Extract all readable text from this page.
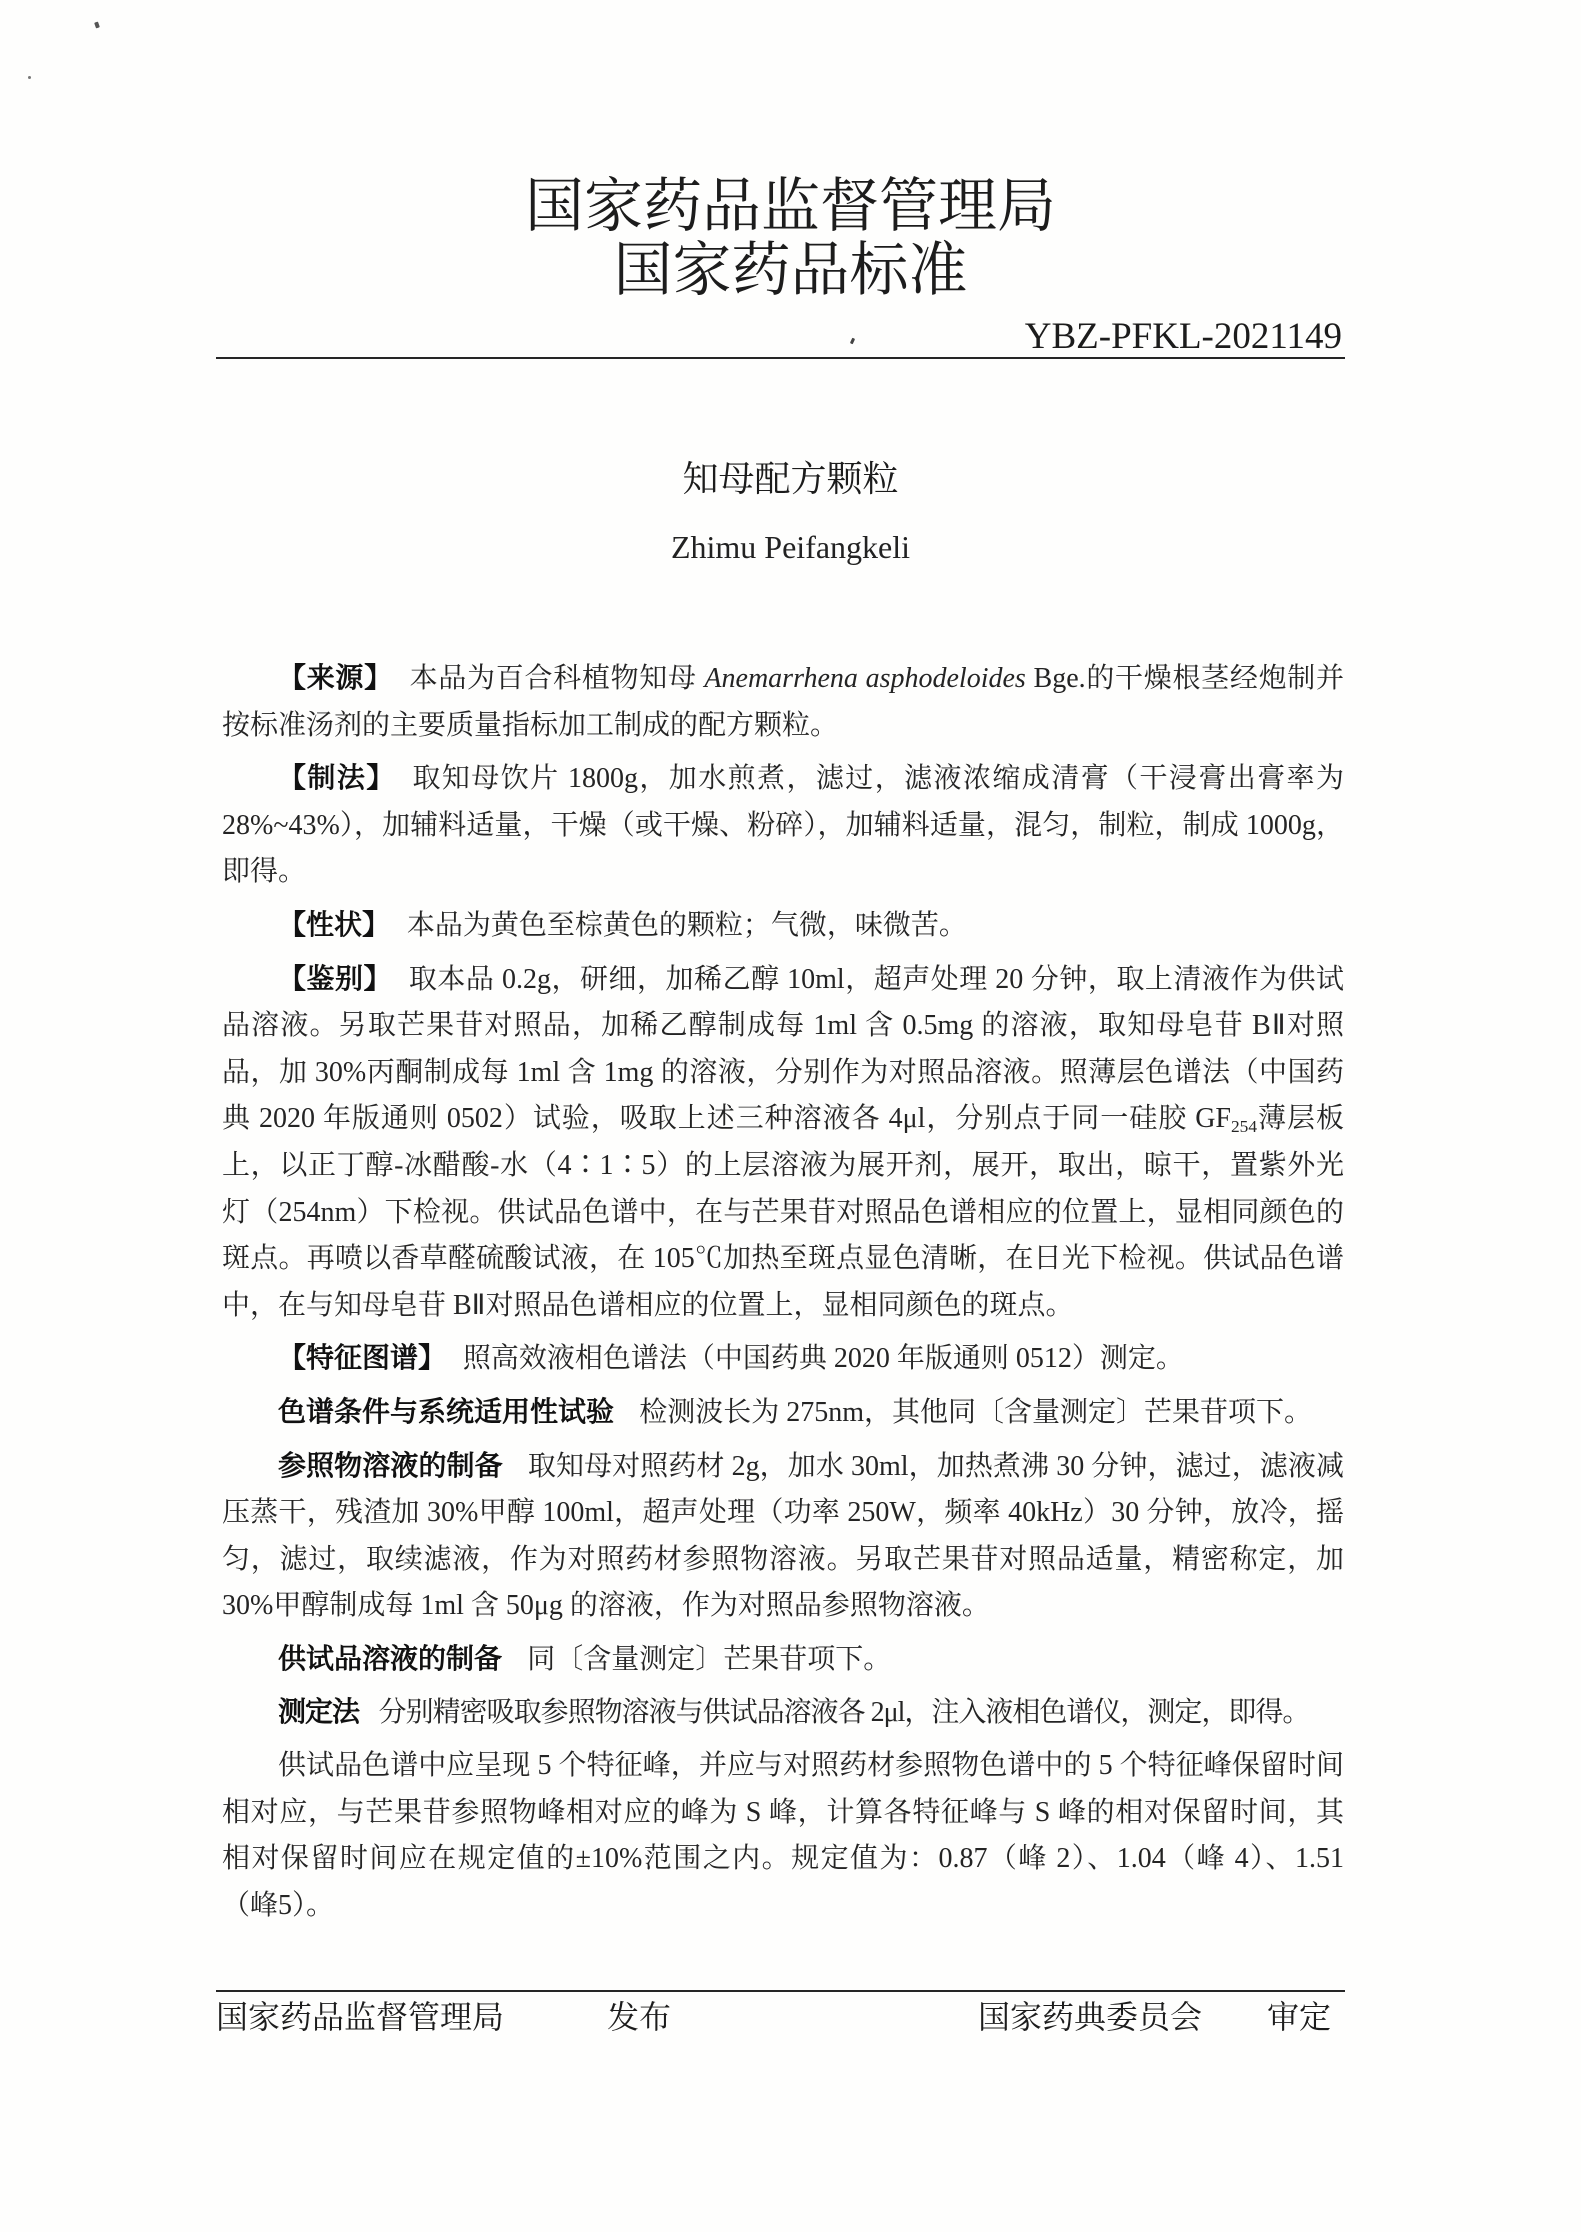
国家药品监督管理局
国家药品标准
YBZ-PFKL-2021149
知母配方颗粒
Zhimu Peifangkeli

【来源】 本品为百合科植物知母 Anemarrhena asphodeloides Bge.的干燥根茎经炮制并按标准汤剂的主要质量指标加工制成的配方颗粒。

【制法】 取知母饮片 1800g，加水煎煮，滤过，滤液浓缩成清膏（干浸膏出膏率为28%~43%），加辅料适量，干燥（或干燥、粉碎），加辅料适量，混匀，制粒，制成 1000g，即得。

【性状】 本品为黄色至棕黄色的颗粒；气微，味微苦。

【鉴别】 取本品 0.2g，研细，加稀乙醇 10ml，超声处理 20 分钟，取上清液作为供试品溶液。另取芒果苷对照品，加稀乙醇制成每 1ml 含 0.5mg 的溶液，取知母皂苷 BⅡ对照品，加 30%丙酮制成每 1ml 含 1mg 的溶液，分别作为对照品溶液。照薄层色谱法（中国药典 2020 年版通则 0502）试验，吸取上述三种溶液各 4μl，分别点于同一硅胶 $GF_{254}$薄层板上，以正丁醇-冰醋酸-水（4∶1∶5）的上层溶液为展开剂，展开，取出，晾干，置紫外光灯（254nm）下检视。供试品色谱中，在与芒果苷对照品色谱相应的位置上，显相同颜色的斑点。再喷以香草醛硫酸试液，在 105℃加热至斑点显色清晰，在日光下检视。供试品色谱中，在与知母皂苷 BⅡ对照品色谱相应的位置上，显相同颜色的斑点。

【特征图谱】 照高效液相色谱法（中国药典 2020 年版通则 0512）测定。

色谱条件与系统适用性试验 检测波长为 275nm，其他同〔含量测定〕芒果苷项下。

参照物溶液的制备 取知母对照药材 2g，加水 30ml，加热煮沸 30 分钟，滤过，滤液减压蒸干，残渣加 30%甲醇 100ml，超声处理（功率 250W，频率 40kHz）30 分钟，放冷，摇匀，滤过，取续滤液，作为对照药材参照物溶液。另取芒果苷对照品适量，精密称定，加30%甲醇制成每 1ml 含 50μg 的溶液，作为对照品参照物溶液。

供试品溶液的制备 同〔含量测定〕芒果苷项下。

测定法 分别精密吸取参照物溶液与供试品溶液各 2μl，注入液相色谱仪，测定，即得。

供试品色谱中应呈现 5 个特征峰，并应与对照药材参照物色谱中的 5 个特征峰保留时间相对应，与芒果苷参照物峰相对应的峰为 S 峰，计算各特征峰与 S 峰的相对保留时间，其相对保留时间应在规定值的±10%范围之内。规定值为：0.87（峰 2）、1.04（峰 4）、1.51（峰5）。

国家药品监督管理局	发布	国家药典委员会 审定
